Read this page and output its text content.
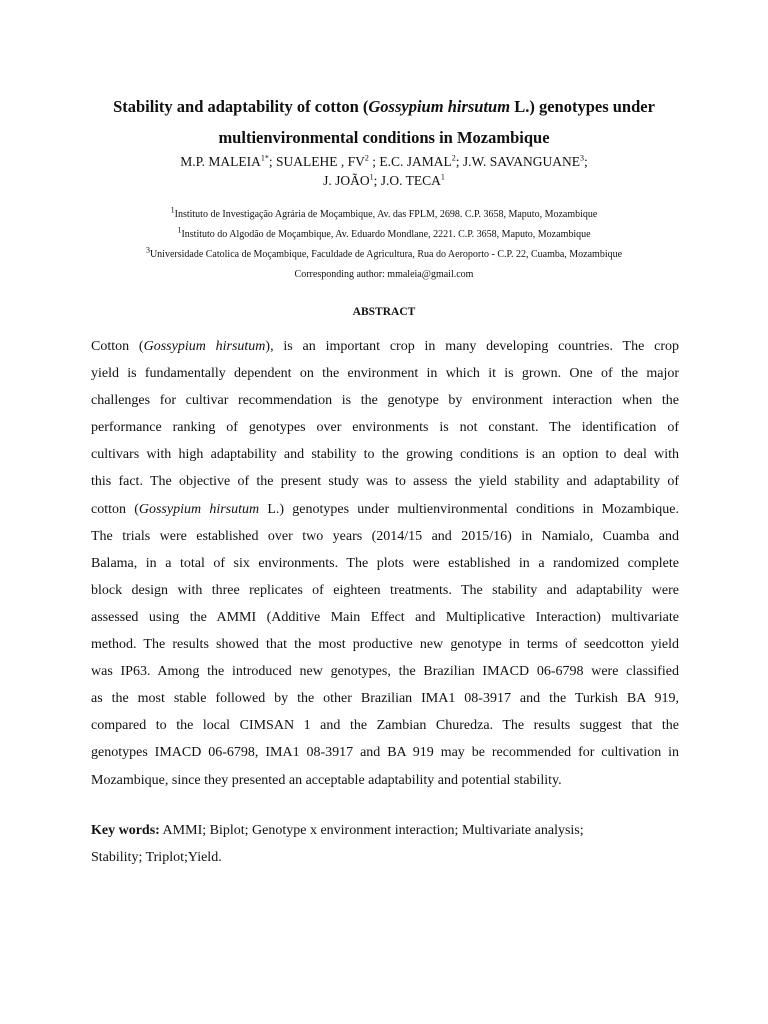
Stability and adaptability of cotton (Gossypium hirsutum L.) genotypes under
multienvironmental conditions in Mozambique
M.P. $MALEIA^{1*}$; SUALEHE , $FV^2$ ; E.C. JAMAL$^2$; J.W. SAVANGUANE$^3$;
J. JOÃO$^1$; J.O. TECA$^1$
$^1$Instituto de Investigação Agrária de Moçambique, Av. das FPLM, 2698. C.P. 3658, Maputo, Mozambique
$^1$Instituto do Algodão de Moçambique, Av. Eduardo Mondlane, 2221. C.P. 3658, Maputo, Mozambique
$^3$Universidade Catolica de Moçambique, Faculdade de Agricultura, Rua do Aeroporto - C.P. 22, Cuamba, Mozambique
Corresponding author: mmaleia@gmail.com
ABSTRACT
Cotton (Gossypium hirsutum), is an important crop in many developing countries. The crop
yield is fundamentally dependent on the environment in which it is grown. One of the major
challenges for cultivar recommendation is the genotype by environment interaction when the
performance ranking of genotypes over environments is not constant. The identification of
cultivars with high adaptability and stability to the growing conditions is an option to deal with
this fact. The objective of the present study was to assess the yield stability and adaptability of
cotton (Gossypium hirsutum L.) genotypes under multienvironmental conditions in Mozambique.
The trials were established over two years (2014/15 and 2015/16) in Namialo, Cuamba and
Balama, in a total of six environments. The plots were established in a randomized complete
block design with three replicates of eighteen treatments. The stability and adaptability were
assessed using the AMMI (Additive Main Effect and Multiplicative Interaction) multivariate
method. The results showed that the most productive new genotype in terms of seedcotton yield
was IP63. Among the introduced new genotypes, the Brazilian IMACD 06-6798 were classified
as the most stable followed by the other Brazilian IMA1 08-3917 and the Turkish BA 919,
compared to the local CIMSAN 1 and the Zambian Churedza. The results suggest that the
genotypes IMACD 06-6798, IMA1 08-3917 and BA 919 may be recommended for cultivation in
Mozambique, since they presented an acceptable adaptability and potential stability.
Key words: AMMI; Biplot; Genotype x environment interaction; Multivariate analysis;
Stability; Triplot;Yield.
